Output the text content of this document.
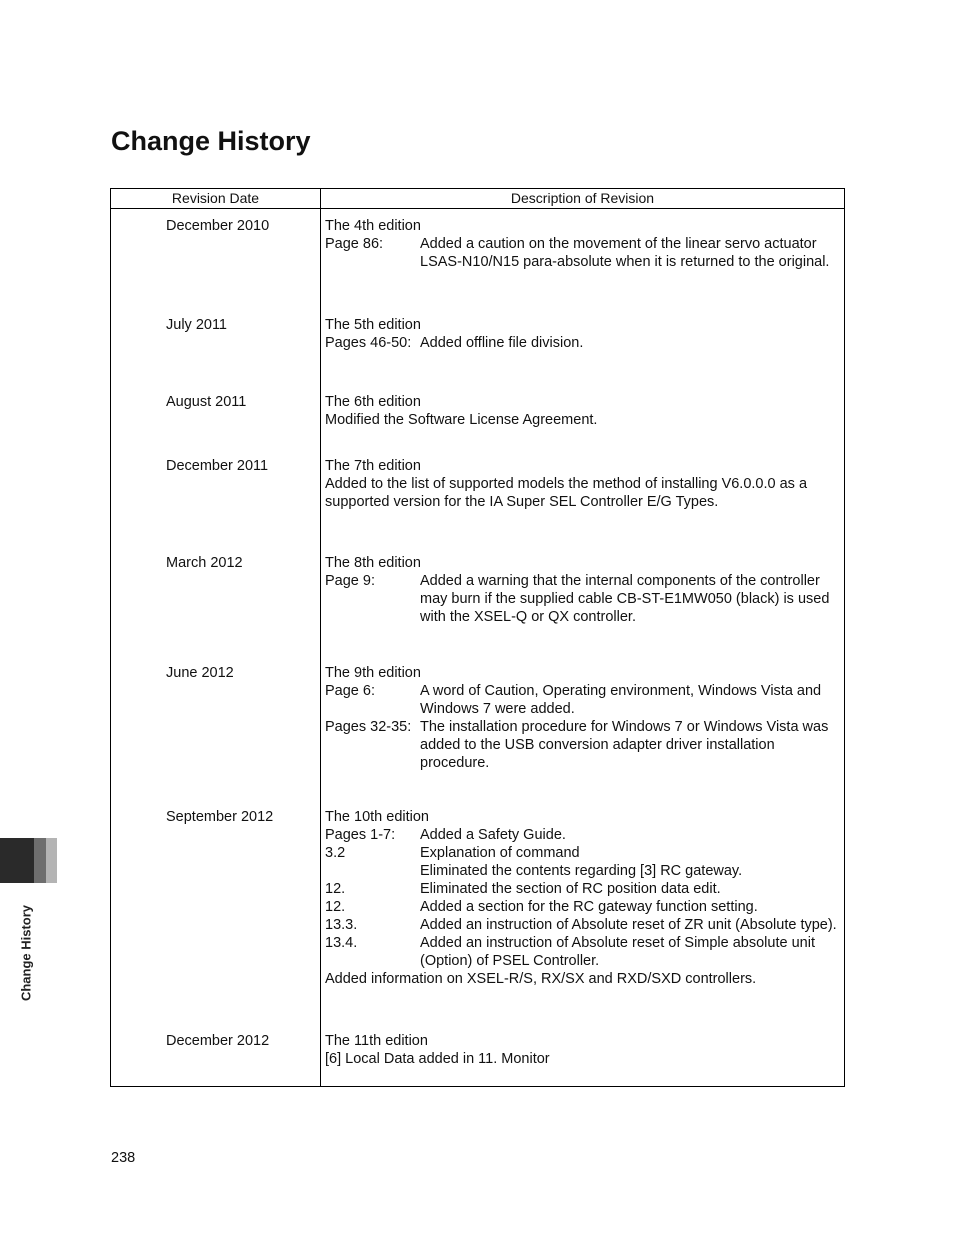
Change History
Revision Date	Description of Revision
December 2010	The 4th edition
Page 86:	Added a caution on the movement of the linear servo actuator LSAS-N10/N15 para-absolute when it is returned to the original.
July 2011	The 5th edition
Pages 46-50: Added offline file division.
August 2011	The 6th edition
Modified the Software License Agreement.
December 2011	The 7th edition
Added to the list of supported models the method of installing V6.0.0.0 as a supported version for the IA Super SEL Controller E/G Types.
March 2012	The 8th edition
Page 9:	Added a warning that the internal components of the controller may burn if the supplied cable CB-ST-E1MW050 (black) is used with the XSEL-Q or QX controller.
June 2012	The 9th edition
Page 6:	A word of Caution, Operating environment, Windows Vista and Windows 7 were added.
Pages 32-35: The installation procedure for Windows 7 or Windows Vista was added to the USB conversion adapter driver installation procedure.
September 2012	The 10th edition
Pages 1-7:	Added a Safety Guide.
3.2	Explanation of command
Eliminated the contents regarding [3] RC gateway.
12.	Eliminated the section of RC position data edit.
12.	Added a section for the RC gateway function setting.
13.3.	Added an instruction of Absolute reset of ZR unit (Absolute type).
13.4.	Added an instruction of Absolute reset of Simple absolute unit (Option) of PSEL Controller.
Added information on XSEL-R/S, RX/SX and RXD/SXD controllers.
December 2012	The 11th edition
[6] Local Data added in 11. Monitor
Change History
238
